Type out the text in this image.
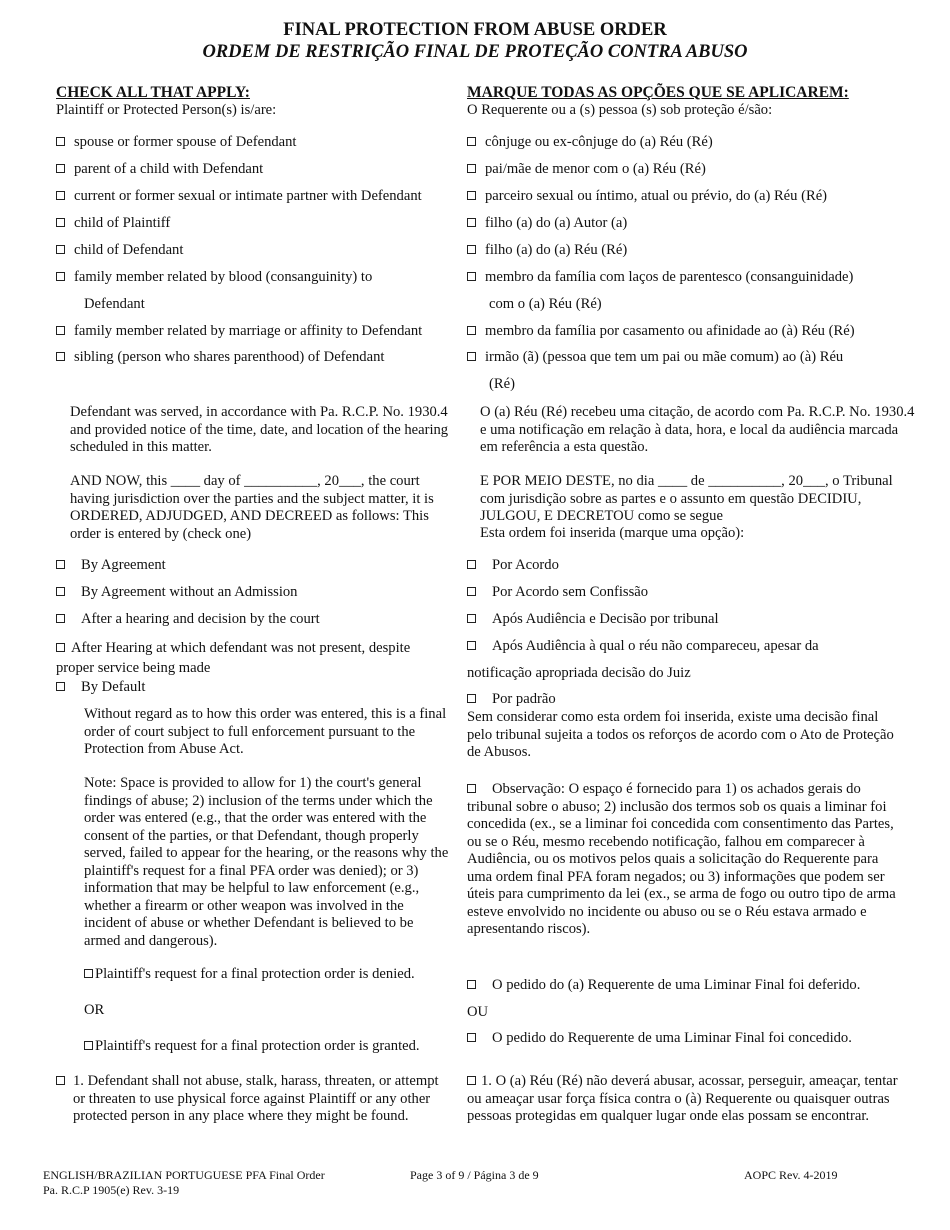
FINAL PROTECTION FROM ABUSE ORDER
ORDEM DE RESTRIÇÃO FINAL DE PROTEÇÃO CONTRA ABUSO
CHECK ALL THAT APPLY:
Plaintiff or Protected Person(s) is/are:
spouse or former spouse of Defendant
parent of a child with Defendant
current or former sexual or intimate partner with Defendant
child of Plaintiff
child of Defendant
family member related by blood (consanguinity) to
Defendant
family member related by marriage or affinity to Defendant
sibling (person who shares parenthood) of Defendant
Defendant was served, in accordance with Pa. R.C.P. No. 1930.4 and provided notice of the time, date, and location of the hearing scheduled in this matter.
AND NOW, this ____ day of __________, 20___, the court having jurisdiction over the parties and the subject matter, it is ORDERED, ADJUDGED, AND DECREED as follows: This order is entered by (check one)
By Agreement
By Agreement without an Admission
After a hearing and decision by the court
After Hearing at which defendant was not present, despite proper service being made
By Default
Without regard as to how this order was entered, this is a final order of court subject to full enforcement pursuant to the Protection from Abuse Act.
Note: Space is provided to allow for 1) the court's general findings of abuse; 2) inclusion of the terms under which the order was entered (e.g., that the order was entered with the consent of the parties, or that Defendant, though properly served, failed to appear for the hearing, or the reasons why the plaintiff's request for a final PFA order was denied); or 3) information that may be helpful to law enforcement (e.g., whether a firearm or other weapon was involved in the incident of abuse or whether Defendant is believed to be armed and dangerous).
Plaintiff's request for a final protection order is denied.
OR
Plaintiff's request for a final protection order is granted.
1. Defendant shall not abuse, stalk, harass, threaten, or attempt or threaten to use physical force against Plaintiff or any other protected person in any place where they might be found.
MARQUE TODAS AS OPÇÕES QUE SE APLICAREM:
O Requerente ou a (s) pessoa (s) sob proteção é/são:
cônjuge ou ex-cônjuge do (a) Réu (Ré)
pai/mãe de menor com o (a) Réu (Ré)
parceiro sexual ou íntimo, atual ou prévio, do (a) Réu (Ré)
filho (a) do (a) Autor (a)
filho (a) do (a) Réu (Ré)
membro da família com laços de parentesco (consanguinidade)
com o (a) Réu (Ré)
membro da família por casamento ou afinidade ao (à) Réu (Ré)
irmão (ã) (pessoa que tem um pai ou mãe comum) ao (à) Réu
(Ré)
O (a) Réu (Ré) recebeu uma citação, de acordo com Pa. R.C.P. No. 1930.4 e uma notificação em relação à data, hora, e local da audiência marcada em referência a esta questão.
E POR MEIO DESTE, no dia ____ de __________, 20___, o Tribunal com jurisdição sobre as partes e o assunto em questão DECIDIU, JULGOU, E DECRETOU como se segue
Esta ordem foi inserida (marque uma opção):
Por Acordo
Por Acordo sem Confissão
Após Audiência e Decisão por tribunal
Após Audiência à qual o réu não compareceu, apesar da
notificação apropriada decisão do Juiz
Por padrão
Sem considerar como esta ordem foi inserida, existe uma decisão final pelo tribunal sujeita a todos os reforços de acordo com o Ato de Proteção de Abusos.
Observação: O espaço é fornecido para 1) os achados gerais do tribunal sobre o abuso; 2) inclusão dos termos sob os quais a liminar foi concedida (ex., se a liminar foi concedida com consentimento das Partes, ou se o Réu, mesmo recebendo notificação, falhou em comparecer à Audiência, ou os motivos pelos quais a solicitação do Requerente para uma ordem final PFA foram negados; ou 3) informações que podem ser úteis para cumprimento da lei (ex., se arma de fogo ou outro tipo de arma esteve envolvido no incidente ou abuso ou se o Réu estava armado e apresentando riscos).
O pedido do (a) Requerente de uma Liminar Final foi deferido.
OU
O pedido do Requerente de uma Liminar Final foi concedido.
1. O (a) Réu (Ré) não deverá abusar, acossar, perseguir, ameaçar, tentar ou ameaçar usar força física contra o (à) Requerente ou quaisquer outras pessoas protegidas em qualquer lugar onde elas possam se encontrar.
ENGLISH/BRAZILIAN PORTUGUESE PFA Final Order
Pa. R.C.P 1905(e) Rev. 3-19
Page 3 of 9 / Página 3 de 9	AOPC Rev. 4-2019
